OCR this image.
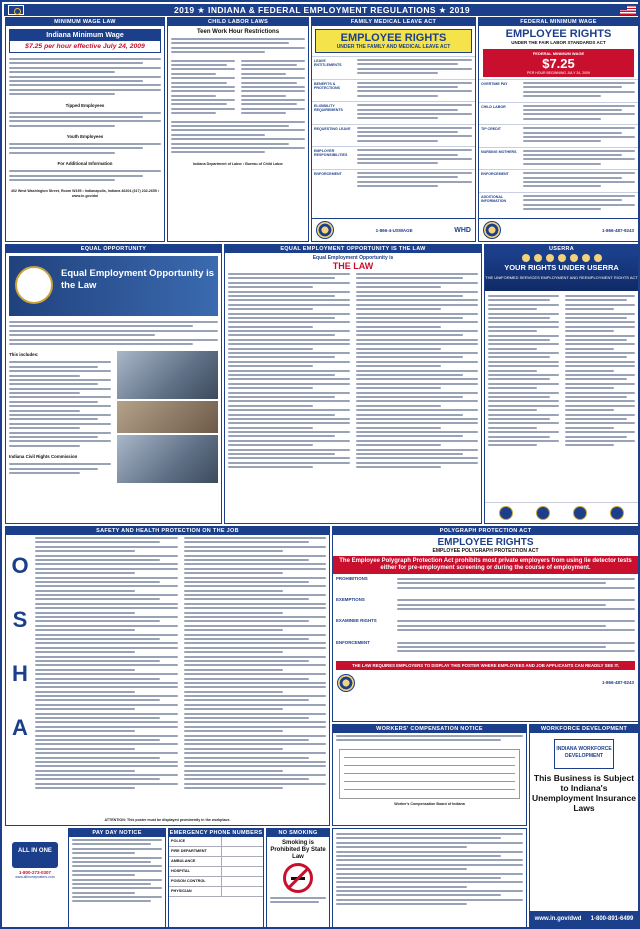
2019 ★ INDIANA & FEDERAL EMPLOYMENT REGULATIONS ★ 2019
MINIMUM WAGE LAW
Indiana Minimum Wage
$7.25 per hour effective July 24, 2009
Tipped Employees
Youth Employees
For Additional Information
402 West Washington Street, Room W195 • Indianapolis, Indiana 46204 (317) 232-2655 • www.in.gov/dol
CHILD LABOR LAWS
Teen Work Hour Restrictions
Indiana Department of Labor • Bureau of Child Labor
FAMILY MEDICAL LEAVE ACT
EMPLOYEE RIGHTS
UNDER THE FAMILY AND MEDICAL LEAVE ACT
LEAVE ENTITLEMENTS
BENEFITS & PROTECTIONS
ELIGIBILITY REQUIREMENTS
REQUESTING LEAVE
EMPLOYER RESPONSIBILITIES
ENFORCEMENT
1-866-4-USWAGE	WHD
FEDERAL MINIMUM WAGE
EMPLOYEE RIGHTS
UNDER THE FAIR LABOR STANDARDS ACT
FEDERAL MINIMUM WAGE
$7.25
PER HOUR BEGINNING JULY 24, 2009
OVERTIME PAY
CHILD LABOR
TIP CREDIT
NURSING MOTHERS
ENFORCEMENT
ADDITIONAL INFORMATION
1-866-487-9243
EQUAL OPPORTUNITY
Equal Employment Opportunity is the Law
This includes:
Indiana Civil Rights Commission
EQUAL EMPLOYMENT OPPORTUNITY IS THE LAW
Equal Employment Opportunity is
THE LAW
USERRA
YOUR RIGHTS UNDER USERRA
THE UNIFORMED SERVICES EMPLOYMENT AND REEMPLOYMENT RIGHTS ACT
SAFETY AND HEALTH PROTECTION ON THE JOB
O
S
H
A
ATTENTION: This poster must be displayed prominently in the workplace.
POLYGRAPH PROTECTION ACT
EMPLOYEE RIGHTS
EMPLOYEE POLYGRAPH PROTECTION ACT
The Employee Polygraph Protection Act prohibits most private employers from using lie detector tests either for pre-employment screening or during the course of employment.
PROHIBITIONS
EXEMPTIONS
EXAMINEE RIGHTS
ENFORCEMENT
THE LAW REQUIRES EMPLOYERS TO DISPLAY THIS POSTER WHERE EMPLOYEES AND JOB APPLICANTS CAN READILY SEE IT.
1-866-487-9243
WORKERS' COMPENSATION NOTICE
Worker's Compensation Board of Indiana
WORKFORCE DEVELOPMENT
INDIANA WORKFORCE DEVELOPMENT
This Business is Subject to Indiana's Unemployment Insurance Laws
www.in.gov/dwd 1-800-891-6499
ALL IN ONE
1-800-273-0307
www.allinoneposters.com
PAY DAY NOTICE	EMERGENCY PHONE NUMBERS
POLICE
FIRE DEPARTMENT
AMBULANCE
HOSPITAL
POISON CONTROL
PHYSICIAN
NO SMOKING
Smoking is Prohibited By State Law
